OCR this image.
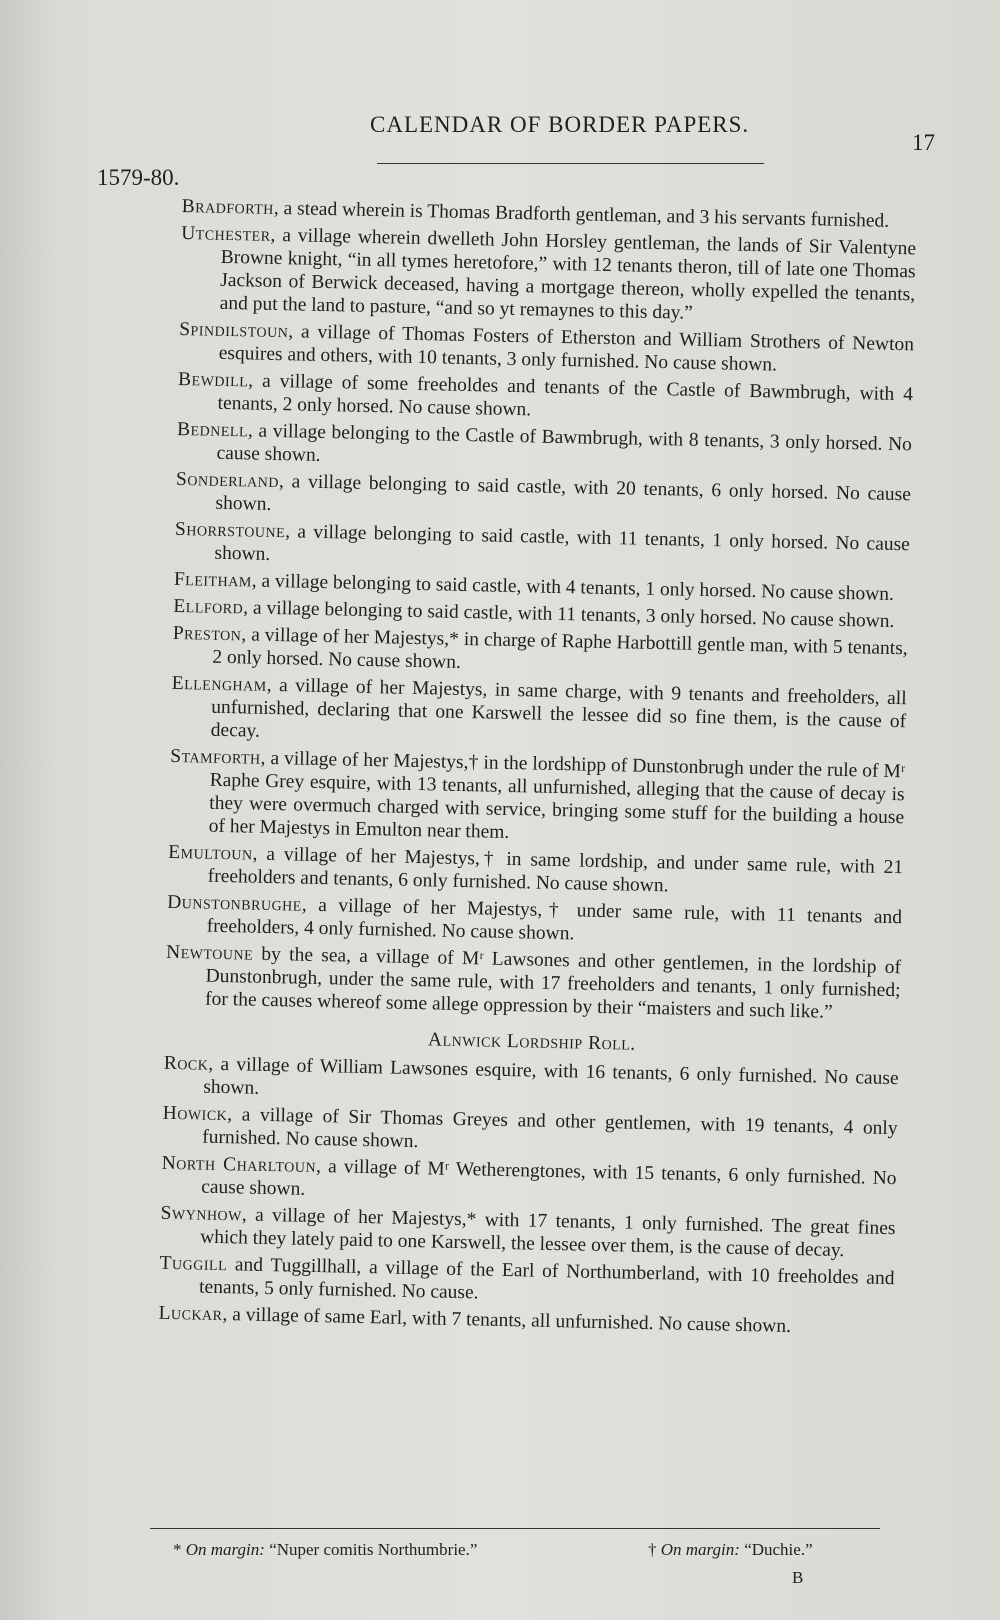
CALENDAR OF BORDER PAPERS.
17
1579-80.

Bradforth, a stead wherein is Thomas Bradforth gentleman, and 3 his servants furnished.

Utchester, a village wherein dwelleth John Horsley gentleman, the lands of Sir Valentyne Browne knight, “in all tymes heretofore,” with 12 tenants theron, till of late one Thomas Jackson of Berwick deceased, having a mortgage thereon, wholly expelled the tenants, and put the land to pasture, “and so yt remaynes to this day.”

Spindilstoun, a village of Thomas Fosters of Etherston and William Strothers of Newton esquires and others, with 10 tenants, 3 only furnished. No cause shown.

Bewdill, a village of some freeholdes and tenants of the Castle of Bawmbrugh, with 4 tenants, 2 only horsed. No cause shown.

Bednell, a village belonging to the Castle of Bawmbrugh, with 8 tenants, 3 only horsed. No cause shown.

Sonderland, a village belonging to said castle, with 20 tenants, 6 only horsed. No cause shown.

Shorrstoune, a village belonging to said castle, with 11 tenants, 1 only horsed. No cause shown.

Fleitham, a village belonging to said castle, with 4 tenants, 1 only horsed. No cause shown.

Ellford, a village belonging to said castle, with 11 tenants, 3 only horsed. No cause shown.

Preston, a village of her Majestys,* in charge of Raphe Harbottill gentle man, with 5 tenants, 2 only horsed. No cause shown.

Ellengham, a village of her Majestys, in same charge, with 9 tenants and freeholders, all unfurnished, declaring that one Karswell the lessee did so fine them, is the cause of decay.

Stamforth, a village of her Majestys,† in the lordshipp of Dunstonbrugh under the rule of Mʳ Raphe Grey esquire, with 13 tenants, all unfurnished, alleging that the cause of decay is they were overmuch charged with service, bringing some stuff for the building a house of her Majestys in Emulton near them.

Emultoun, a village of her Majestys,† in same lordship, and under same rule, with 21 freeholders and tenants, 6 only furnished. No cause shown.

Dunstonbrughe, a village of her Majestys,† under same rule, with 11 tenants and freeholders, 4 only furnished. No cause shown.

Newtoune by the sea, a village of Mʳ Lawsones and other gentlemen, in the lordship of Dunstonbrugh, under the same rule, with 17 freeholders and tenants, 1 only furnished; for the causes whereof some allege oppression by their “maisters and such like.”

Alnwick Lordship Roll.

Rock, a village of William Lawsones esquire, with 16 tenants, 6 only furnished. No cause shown.

Howick, a village of Sir Thomas Greyes and other gentlemen, with 19 tenants, 4 only furnished. No cause shown.

North Charltoun, a village of Mʳ Wetherengtones, with 15 tenants, 6 only furnished. No cause shown.

Swynhow, a village of her Majestys,* with 17 tenants, 1 only furnished. The great fines which they lately paid to one Karswell, the lessee over them, is the cause of decay.

Tuggill and Tuggillhall, a village of the Earl of Northumberland, with 10 freeholdes and tenants, 5 only furnished. No cause.

Luckar, a village of same Earl, with 7 tenants, all unfurnished. No cause shown.

* On margin: “Nuper comitis Northumbrie.”	† On margin: “Duchie.”
B
